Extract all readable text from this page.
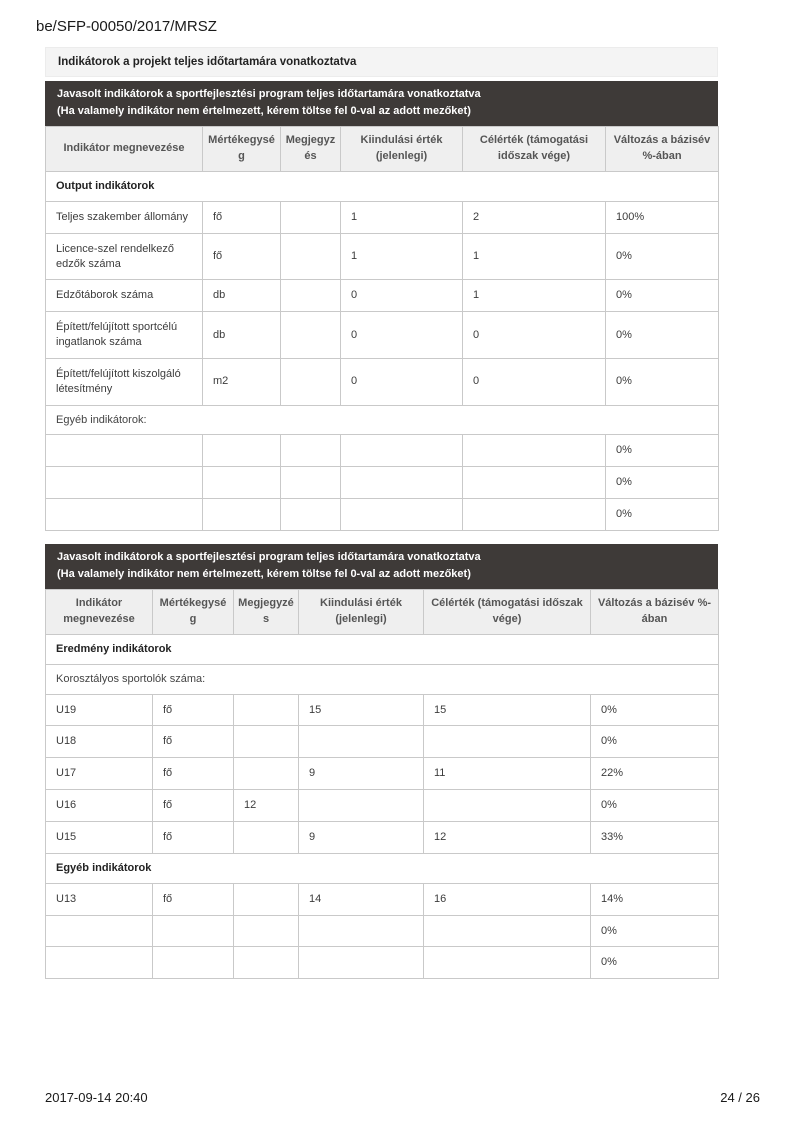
be/SFP-00050/2017/MRSZ
Indikátorok a projekt teljes időtartamára vonatkoztatva
Javasolt indikátorok a sportfejlesztési program teljes időtartamára vonatkoztatva
(Ha valamely indikátor nem értelmezett, kérem töltse fel 0-val az adott mezőket)
Indikátor megnevezése	Mértékegység	Megjegyzés	Kiindulási érték (jelenlegi)	Célérték (támogatási időszak vége)	Változás a bázisév %-ában
Output indikátorok					
Teljes szakember állomány	fő		1	2	100%
Licence-szel rendelkező edzők száma	fő		1	1	0%
Edzőtáborok száma	db		0	1	0%
Épített/felújított sportcélú ingatlanok száma	db		0	0	0%
Épített/felújított kiszolgáló létesítmény	m2		0	0	0%
Egyéb indikátorok:					
					0%
					0%
					0%
Javasolt indikátorok a sportfejlesztési program teljes időtartamára vonatkoztatva
(Ha valamely indikátor nem értelmezett, kérem töltse fel 0-val az adott mezőket)
Indikátor megnevezése	Mértékegység	Megjegyzés	Kiindulási érték (jelenlegi)	Célérték (támogatási időszak vége)	Változás a bázisév %-ában
Eredmény indikátorok					
Korosztályos sportolók száma:					
U19	fő		15	15	0%
U18	fő				0%
U17	fő		9	11	22%
U16	fő	12			0%
U15	fő		9	12	33%
Egyéb indikátorok					
U13	fő		14	16	14%
					0%
					0%
2017-09-14 20:40	24 / 26
